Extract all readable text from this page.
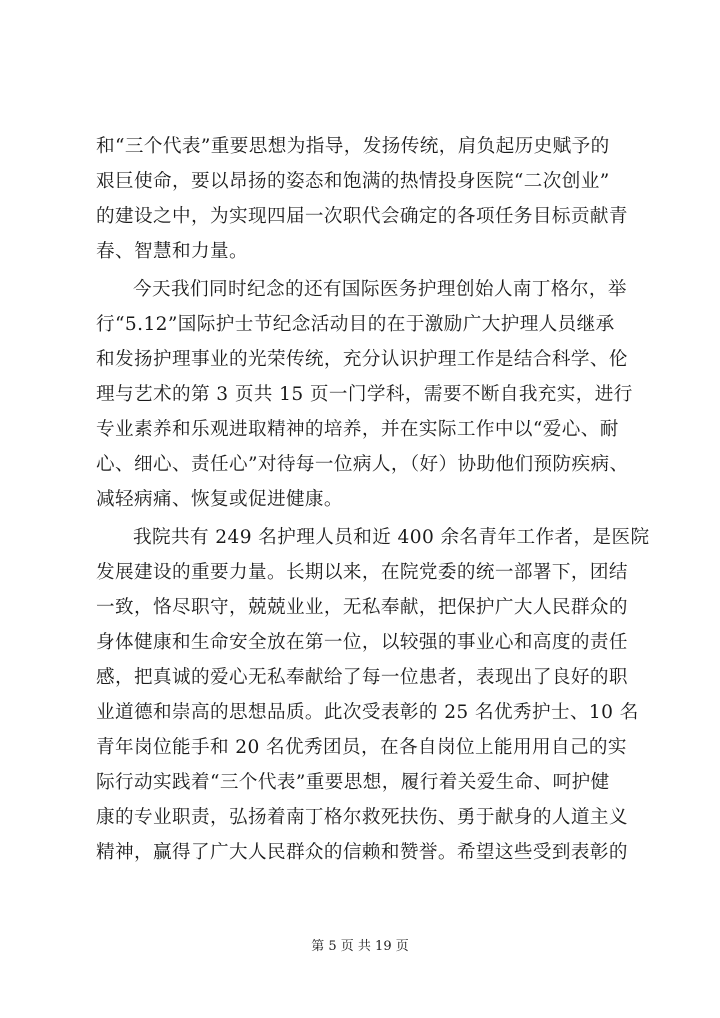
和“三个代表”重要思想为指导，发扬传统，肩负起历史赋予的
艰巨使命，要以昂扬的姿态和饱满的热情投身医院“二次创业”
的建设之中，为实现四届一次职代会确定的各项任务目标贡献青
春、智慧和力量。
今天我们同时纪念的还有国际医务护理创始人南丁格尔，举
行“5.12”国际护士节纪念活动目的在于激励广大护理人员继承
和发扬护理事业的光荣传统，充分认识护理工作是结合科学、伦
理与艺术的第 3 页共 15 页一门学科，需要不断自我充实，进行
专业素养和乐观进取精神的培养，并在实际工作中以“爱心、耐
心、细心、责任心”对待每一位病人，（好）协助他们预防疾病、
减轻病痛、恢复或促进健康。
我院共有 249 名护理人员和近 400 余名青年工作者，是医院
发展建设的重要力量。长期以来，在院党委的统一部署下，团结
一致，恪尽职守，兢兢业业，无私奉献，把保护广大人民群众的
身体健康和生命安全放在第一位，以较强的事业心和高度的责任
感，把真诚的爱心无私奉献给了每一位患者，表现出了良好的职
业道德和崇高的思想品质。此次受表彰的 25 名优秀护士、10 名
青年岗位能手和 20 名优秀团员，在各自岗位上能用用自己的实
际行动实践着“三个代表”重要思想，履行着关爱生命、呵护健
康的专业职责，弘扬着南丁格尔救死扶伤、勇于献身的人道主义
精神，赢得了广大人民群众的信赖和赞誉。希望这些受到表彰的
第 5 页 共 19 页
